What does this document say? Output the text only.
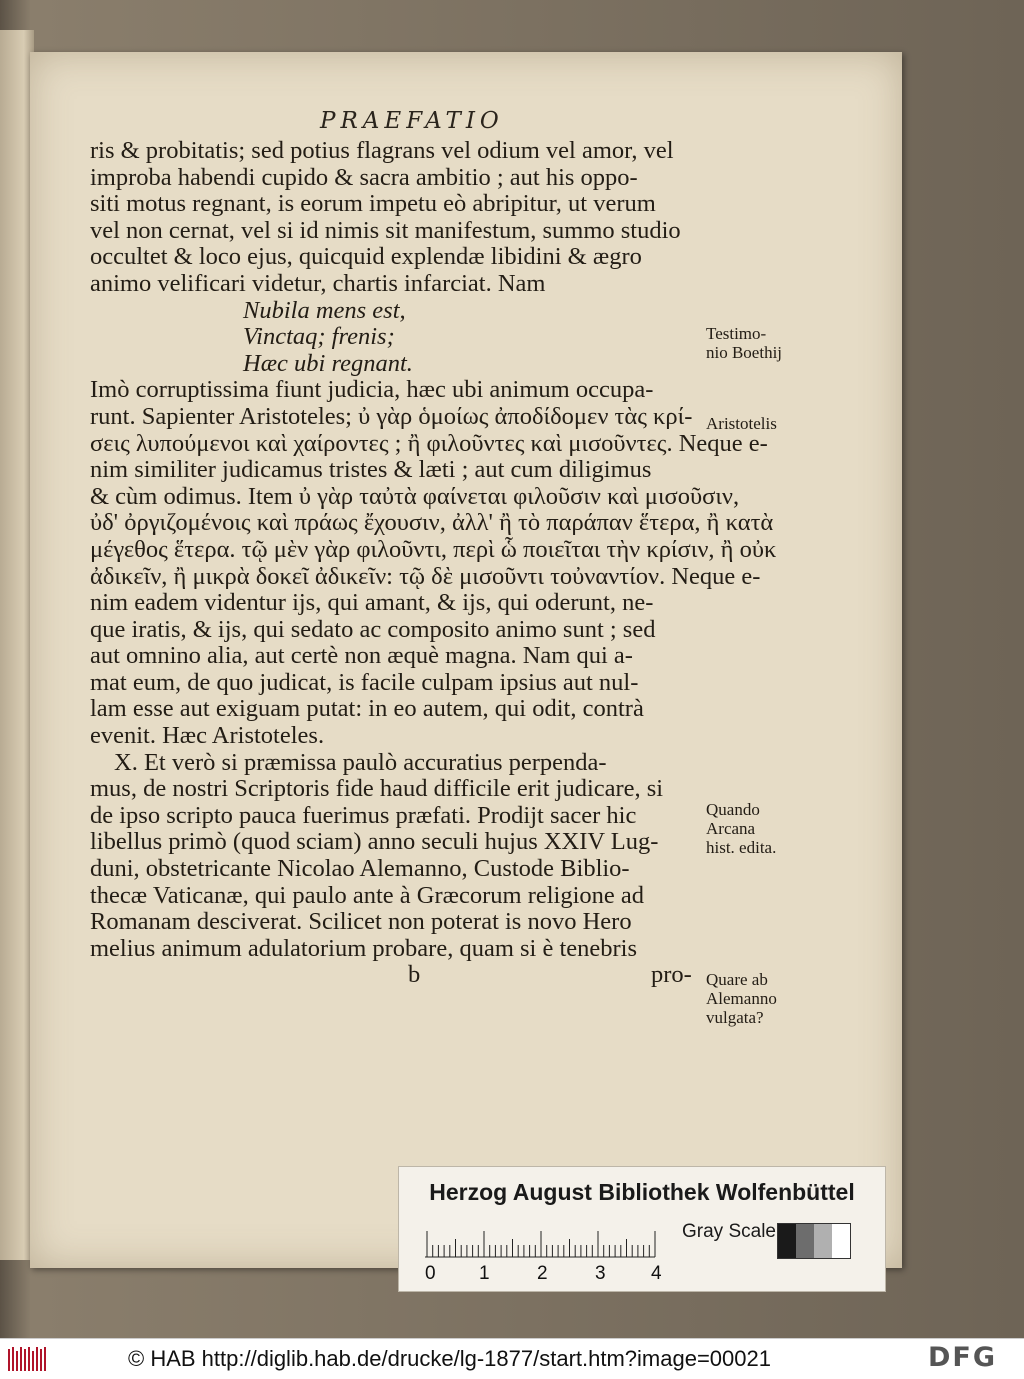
PRAEFATIO
ris & probitatis; sed potius flagrans vel odium vel amor, vel
improba habendi cupido & sacra ambitio ; aut his oppo-
siti motus regnant, is eorum impetu eò abripitur, ut verum
vel non cernat, vel si id nimis sit manifestum, summo studio
occultet & loco ejus, quicquid explendæ libidini & ægro
animo velificari videtur, chartis infarciat. Nam
Nubila mens est,
Vinctaq; frenis;
Hæc ubi regnant.
Imò corruptissima fiunt judicia, hæc ubi animum occupa-
runt. Sapienter Aristoteles; ὐ γὰρ ὁμοίως ἀποδίδομεν τὰς κρί-
σεις λυπούμενοι καὶ χαίροντες ; ἢ φιλοῦντες καὶ μισοῦντες. Neque e-
nim similiter judicamus tristes & læti ; aut cum diligimus
& cùm odimus. Item ὐ γὰρ ταὐτὰ φαίνεται φιλοῦσιν καὶ μισοῦσιν,
ὐδ' ὀργιζομένοις καὶ πράως ἔχουσιν, ἀλλ' ἢ τὸ παράπαν ἕτερα, ἢ κατὰ
μέγεθος ἕτερα. τῷ μὲν γὰρ φιλοῦντι, περὶ ὧ ποιεῖται τὴν κρίσιν, ἢ οὐκ
ἀδικεῖν, ἢ μικρὰ δοκεῖ ἀδικεῖν: τῷ δὲ μισοῦντι τοὐναντίον. Neque e-
nim eadem videntur ijs, qui amant, & ijs, qui oderunt, ne-
que iratis, & ijs, qui sedato ac composito animo sunt ; sed
aut omnino alia, aut certè non æquè magna. Nam qui a-
mat eum, de quo judicat, is facile culpam ipsius aut nul-
lam esse aut exiguam putat: in eo autem, qui odit, contrà
evenit. Hæc Aristoteles.
X. Et verò si præmissa paulò accuratius perpenda-
mus, de nostri Scriptoris fide haud difficile erit judicare, si
de ipso scripto pauca fuerimus præfati. Prodijt sacer hic
libellus primò (quod sciam) anno seculi hujus XXIV Lug-
duni, obstetricante Nicolao Alemanno, Custode Biblio-
thecæ Vaticanæ, qui paulo ante à Græcorum religione ad
Romanam desciverat. Scilicet non poterat is novo Hero
melius animum adulatorium probare, quam si è tenebris
b	pro-
Testimo-
nio Boethij
Aristotelis
Quando
Arcana
hist. edita.
Quare ab
Alemanno
vulgata?
Herzog August Bibliothek Wolfenbüttel
0 1 2 3 4
Gray Scale
© HAB http://diglib.hab.de/drucke/lg-1877/start.htm?image=00021	DFG
